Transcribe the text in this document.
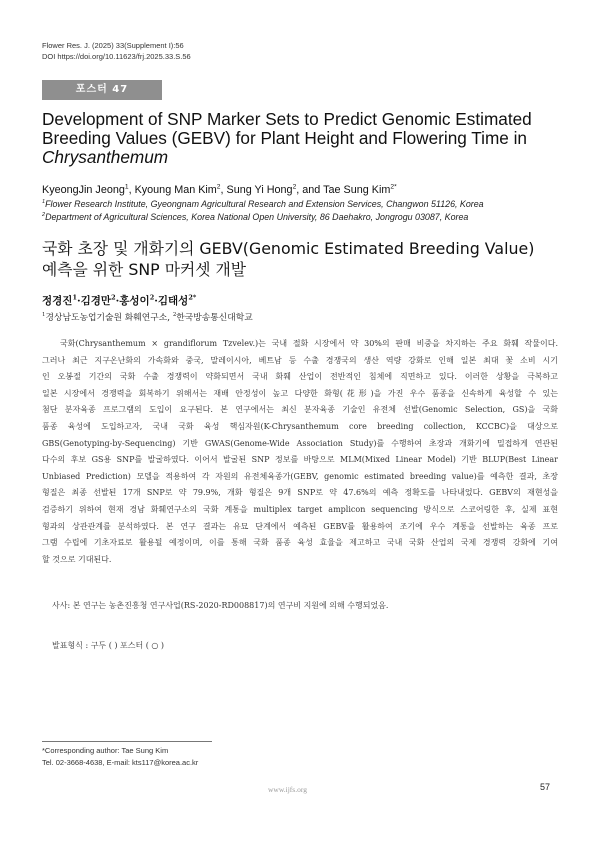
Flower Res. J. (2025) 33(Supplement I):56
DOI https://doi.org/10.11623/frj.2025.33.S.56
포스터 47
Development of SNP Marker Sets to Predict Genomic Estimated Breeding Values (GEBV) for Plant Height and Flowering Time in
Chrysanthemum
KyeongJin Jeong$^1$, Kyoung Man Kim$^2$, Sung Yi Hong$^2$, and Tae Sung Kim$^{2*}$
$^1$Flower Research Institute, Gyeongnam Agricultural Research and Extension Services, Changwon 51126, Korea
$^2$Department of Agricultural Sciences, Korea National Open University, 86 Daehakro, Jongrogu 03087, Korea
국화 초장 및 개화기의 GEBV(Genomic Estimated Breeding Value)
예측을 위한 SNP 마커셋 개발
정경진$^1$·김경만$^2$·홍성이$^2$·김태성$^{2*}$
$^1$경상남도농업기술원 화훼연구소, $^2$한국방송통신대학교
국화(Chrysanthemum × grandiflorum Tzvelev.)는 국내 절화 시장에서 약 30%의 판매 비중을 차지하는 주요 화훼 작물이다.
그러나 최근 지구온난화의 가속화와 중국, 말레이시아, 베트남 등 수출 경쟁국의 생산 역량 강화로 인해 일본 최대 꽃 소비 시기
인 오봉절 기간의 국화 수출 경쟁력이 약화되면서 국내 화훼 산업이 전반적인 침체에 직면하고 있다. 이러한 상황을 극복하고
일본 시장에서 경쟁력을 회복하기 위해서는 재배 안정성이 높고 다양한 화형(花形)을 가진 우수 품종을 신속하게 육성할 수 있는
첨단 분자육종 프로그램의 도입이 요구된다. 본 연구에서는 최신 분자육종 기술인 유전체 선발(Genomic Selection, GS)을 국화
품종 육성에 도입하고자, 국내 국화 육성 핵심자원(K-Chrysanthemum core breeding collection, KCCBC)을 대상으로
GBS(Genotyping-by-Sequencing) 기반 GWAS(Genome-Wide Association Study)를 수행하여 초장과 개화기에 밀접하게 연관된
다수의 후보 GS용 SNP를 발굴하였다. 이어서 발굴된 SNP 정보를 바탕으로 MLM(Mixed Linear Model) 기반 BLUP(Best Linear
Unbiased Prediction) 모델을 적용하여 각 자원의 유전체육종가(GEBV, genomic estimated breeding value)를 예측한 결과, 초장
형질은 최종 선발된 17개 SNP로 약 79.9%, 개화 형질은 9개 SNP로 약 47.6%의 예측 정확도를 나타내었다. GEBV의 재현성을
검증하기 위하여 현재 경남 화훼연구소의 국화 계통을 multiplex target amplicon sequencing 방식으로 스코어링한 후, 실제 표현
형과의 상관관계를 분석하였다. 본 연구 결과는 유묘 단계에서 예측된 GEBV를 활용하여 조기에 우수 계통을 선발하는 육종 프로
그램 수립에 기초자료로 활용될 예정이며, 이를 통해 국화 품종 육성 효율을 제고하고 국내 국화 산업의 국제 경쟁력 강화에 기여
할 것으로 기대된다.
사사: 본 연구는 농촌진흥청 연구사업(RS-2020-RD008817)의 연구비 지원에 의해 수행되었음.
발표형식 : 구두 ( ) 포스터 ( ○ )
*Corresponding author: Tae Sung Kim
Tel. 02-3668-4638, E-mail: kts117@korea.ac.kr
www.ijfs.org	57
